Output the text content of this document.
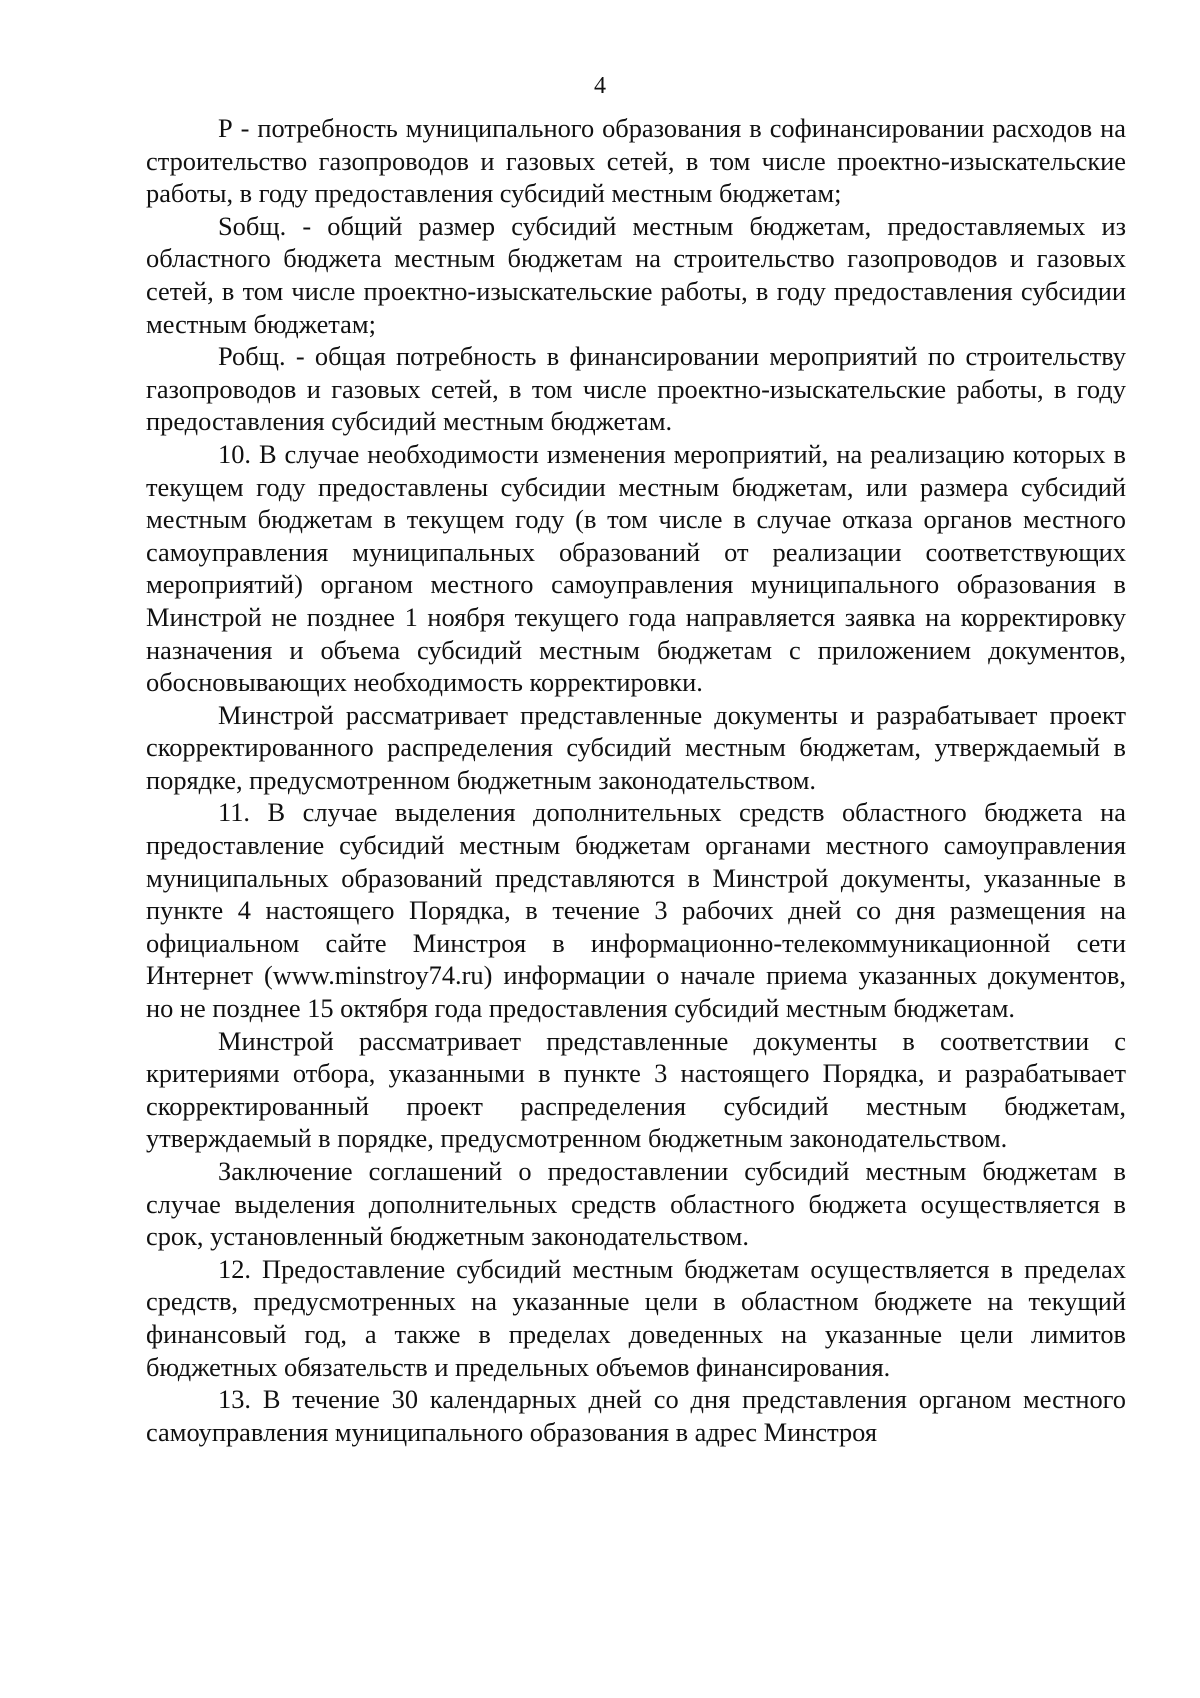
4

Р - потребность муниципального образования в софинансировании расходов на строительство газопроводов и газовых сетей, в том числе проектно-изыскательские работы, в году предоставления субсидий местным бюджетам;

Sобщ. - общий размер субсидий местным бюджетам, предоставляемых из областного бюджета местным бюджетам на строительство газопроводов и газовых сетей, в том числе проектно-изыскательские работы, в году предоставления субсидии местным бюджетам;

Робщ. - общая потребность в финансировании мероприятий по строительству газопроводов и газовых сетей, в том числе проектно-изыскательские работы, в году предоставления субсидий местным бюджетам.

10. В случае необходимости изменения мероприятий, на реализацию которых в текущем году предоставлены субсидии местным бюджетам, или размера субсидий местным бюджетам в текущем году (в том числе в случае отказа органов местного самоуправления муниципальных образований от реализации соответствующих мероприятий) органом местного самоуправления муниципального образования в Минстрой не позднее 1 ноября текущего года направляется заявка на корректировку назначения и объема субсидий местным бюджетам с приложением документов, обосновывающих необходимость корректировки.

Минстрой рассматривает представленные документы и разрабатывает проект скорректированного распределения субсидий местным бюджетам, утверждаемый в порядке, предусмотренном бюджетным законодательством.

11. В случае выделения дополнительных средств областного бюджета на предоставление субсидий местным бюджетам органами местного самоуправления муниципальных образований представляются в Минстрой документы, указанные в пункте 4 настоящего Порядка, в течение 3 рабочих дней со дня размещения на официальном сайте Минстроя в информационно-телекоммуникационной сети Интернет (www.minstroy74.ru) информации о начале приема указанных документов, но не позднее 15 октября года предоставления субсидий местным бюджетам.

Минстрой рассматривает представленные документы в соответствии с критериями отбора, указанными в пункте 3 настоящего Порядка, и разрабатывает скорректированный проект распределения субсидий местным бюджетам, утверждаемый в порядке, предусмотренном бюджетным законодательством.

Заключение соглашений о предоставлении субсидий местным бюджетам в случае выделения дополнительных средств областного бюджета осуществляется в срок, установленный бюджетным законодательством.

12. Предоставление субсидий местным бюджетам осуществляется в пределах средств, предусмотренных на указанные цели в областном бюджете на текущий финансовый год, а также в пределах доведенных на указанные цели лимитов бюджетных обязательств и предельных объемов финансирования.

13. В течение 30 календарных дней со дня представления органом местного самоуправления муниципального образования в адрес Минстроя
